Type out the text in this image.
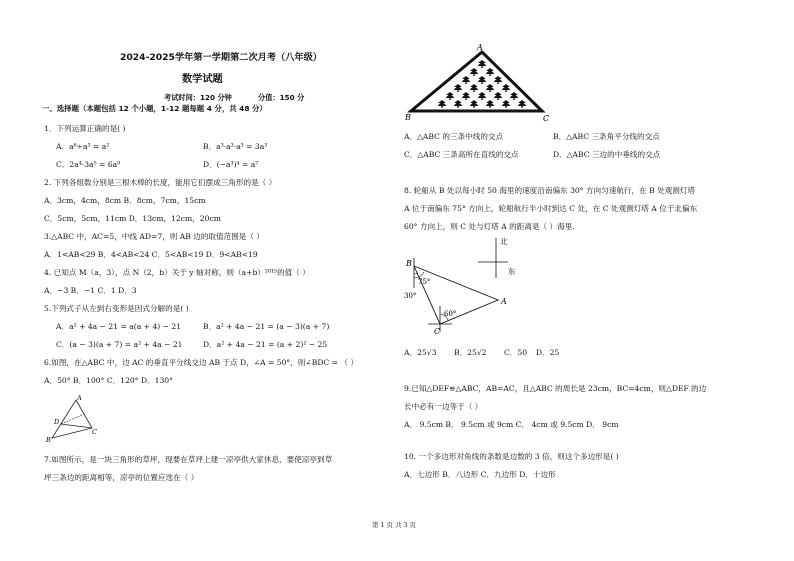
2024-2025学年第一学期第二次月考（八年级）
数学试题
考试时间：120 分钟	分值：150 分
一、选择题（本题包括 12 个小题，1-12 题每题 4 分，共 48 分）
1．下列运算正确的是( )
A．a⁶÷a³ = a²	B．a³·a³·a³ = 3a³
C．2a⁴·3a⁵ = 6a⁹	D．(−a³)⁴ = a⁷
2. 下列各组数分别是三根木棒的长度，能用它们摆成三角形的是（ ）
A．3cm，4cm，8cm B．8cm，7cm，15cm
C．5cm，5cm，11cm D．13cm，12cm，20cm
3.△ABC 中，AC=5，中线 AD=7，则 AB 边的取值范围是（ ）
A．1<AB<29 B．4<AB<24 C．5<AB<19 D．9<AB<19
4. 已知点 M（a，3），点 N（2，b）关于 y 轴对称，则（a+b）²⁰¹⁵的值（ ）
A．−3 B．−1 C．1 D．3
5.下列式子从左到右变形是因式分解的是( )
A．a² + 4a − 21 = a(a + 4) − 21	B．a² + 4a − 21 = (a − 3)(a + 7)
C．(a − 3)(a + 7) = a² + 4a − 21	D．a² + 4a − 21 = (a + 2)² − 25
6.如图，在△ABC 中，边 AC 的垂直平分线交边 AB 于点 D，∠A = 50°，则∠BDC = （ ）
A．50° B．100° C．120° D．130°
A
D
B
C
7.如图所示，是一块三角形的草坪，现要在草坪上建一凉亭供大家休息，要使凉亭到草
坪三条边的距离相等，凉亭的位置应选在（ ）
A
B	C
A．△ABC 的三条中线的交点	B．△ABC 三条角平分线的交点
C．△ABC 三条高所在直线的交点	D．△ABC 三边的中垂线的交点
8. 轮船从 B 处以每小时 50 海里的速度沿南偏东 30° 方向匀速航行，在 B 处观测灯塔
A 位于南偏东 75° 方向上，轮船航行半小时到达 C 处，在 C 处观测灯塔 A 位于北偏东
60° 方向上，则 C 处与灯塔 A 的距离是（ ）海里.
北
东
B
75°
30°
60°
C
A
A．25√3 B．25√2 C．50 D．25
9.已知△DEF≌△ABC，AB=AC，且△ABC 的周长是 23cm，BC=4cm，则△DEF 的边
长中必有一边等于（ ）
A． 9.5cm B． 9.5cm 或 9cm C． 4cm 或 9.5cm D． 9cm
10. 一个多边形对角线的条数是边数的 3 倍，则这个多边形是( )
A．七边形 B．八边形 C．九边形 D．十边形
第 1 页 共 3 页
